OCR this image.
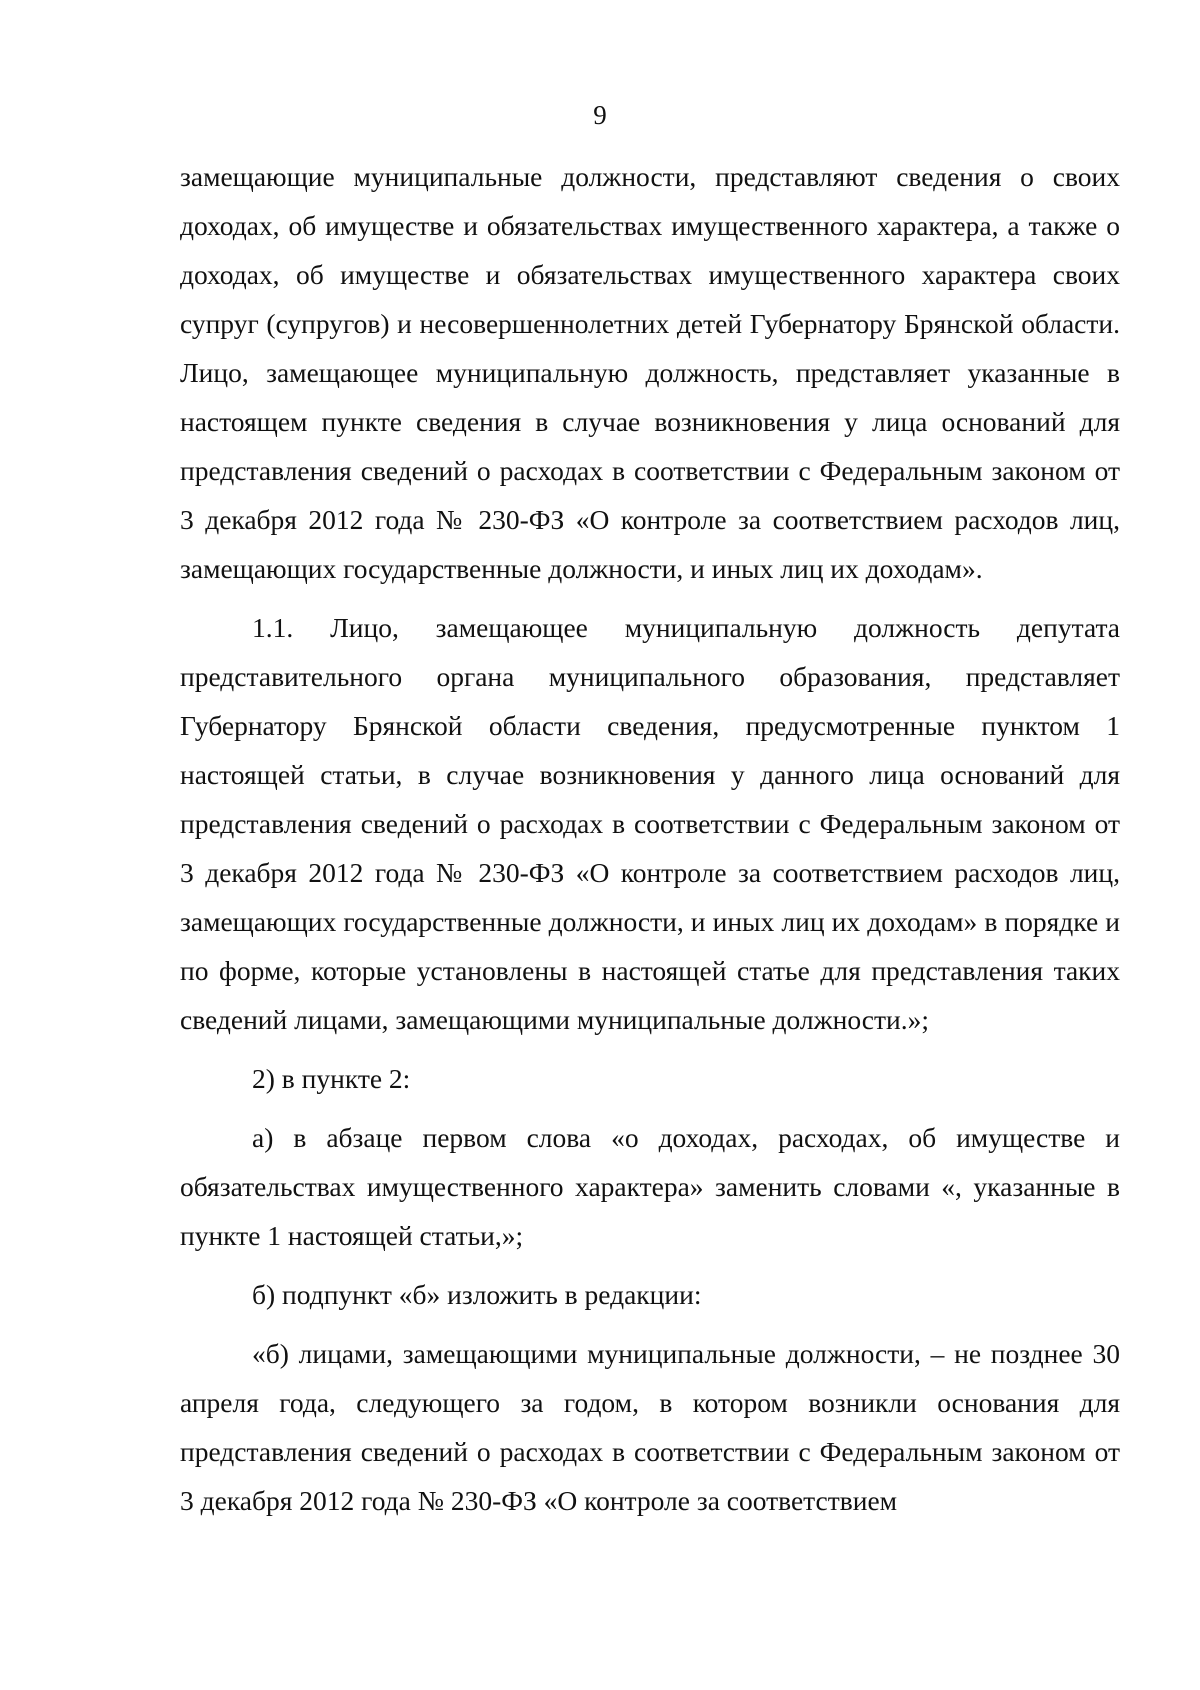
9

замещающие муниципальные должности, представляют сведения о своих доходах, об имуществе и обязательствах имущественного характера, а также о доходах, об имуществе и обязательствах имущественного характера своих супруг (супругов) и несовершеннолетних детей Губернатору Брянской области. Лицо, замещающее муниципальную должность, представляет указанные в настоящем пункте сведения в случае возникновения у лица оснований для представления сведений о расходах в соответствии с Федеральным законом от 3 декабря 2012 года № 230-ФЗ «О контроле за соответствием расходов лиц, замещающих государственные должности, и иных лиц их доходам».

1.1. Лицо, замещающее муниципальную должность депутата представительного органа муниципального образования, представляет Губернатору Брянской области сведения, предусмотренные пунктом 1 настоящей статьи, в случае возникновения у данного лица оснований для представления сведений о расходах в соответствии с Федеральным законом от 3 декабря 2012 года № 230-ФЗ «О контроле за соответствием расходов лиц, замещающих государственные должности, и иных лиц их доходам» в порядке и по форме, которые установлены в настоящей статье для представления таких сведений лицами, замещающими муниципальные должности.»;

2) в пункте 2:

а) в абзаце первом слова «о доходах, расходах, об имуществе и обязательствах имущественного характера» заменить словами «, указанные в пункте 1 настоящей статьи,»;

б) подпункт «б» изложить в редакции:

«б) лицами, замещающими муниципальные должности, – не позднее 30 апреля года, следующего за годом, в котором возникли основания для представления сведений о расходах в соответствии с Федеральным законом от 3 декабря 2012 года № 230-ФЗ «О контроле за соответствием
